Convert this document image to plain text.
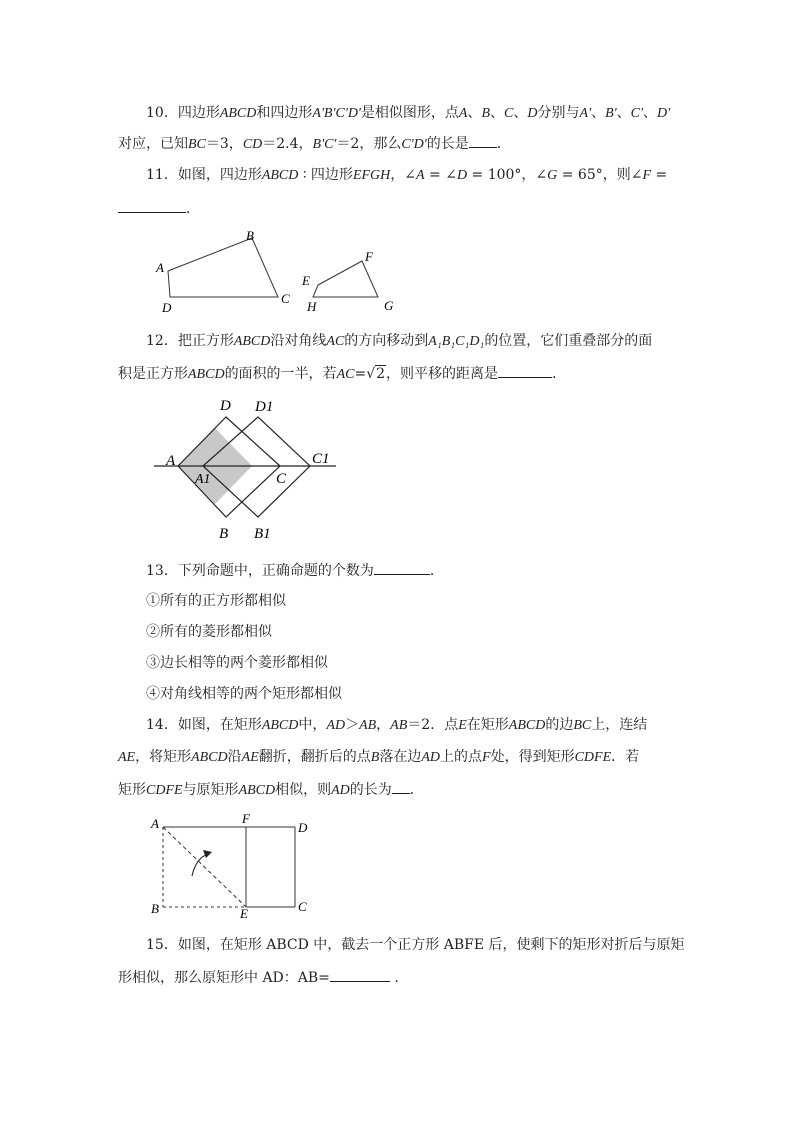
10．四边形ABCD和四边形A'B'C'D'是相似图形，点A、B、C、D分别与A'、B'、C'、D'
对应，已知BC＝3，CD＝2.4，B'C'＝2，那么C'D'的长是 ．
11．如图，四边形ABCD ∶ 四边形EFGH，∠A = ∠D = 100°，∠G = 65°，则∠F =
．
A
B
C
D
E
F
G
H
12．把正方形ABCD沿对角线AC的方向移动到A₁B₁C₁D₁的位置，它们重叠部分的面
积是正方形ABCD的面积的一半，若AC=√2，则平移的距离是	.
A
D D1
C1
A1	C
B B1
13．下列命题中，正确命题的个数为	．
①所有的正方形都相似
②所有的菱形都相似
③边长相等的两个菱形都相似
④对角线相等的两个矩形都相似
14．如图，在矩形ABCD中，AD＞AB，AB＝2．点E在矩形ABCD的边BC上，连结
AE，将矩形ABCD沿AE翻折，翻折后的点B落在边AD上的点F处，得到矩形CDFE．若
矩形CDFE与原矩形ABCD相似，则AD的长为 ．
A	F
D
B	E	C
15．如图，在矩形 ABCD 中，截去一个正方形 ABFE 后，使剩下的矩形对折后与原矩
形相似，那么原矩形中 AD：AB=	.
